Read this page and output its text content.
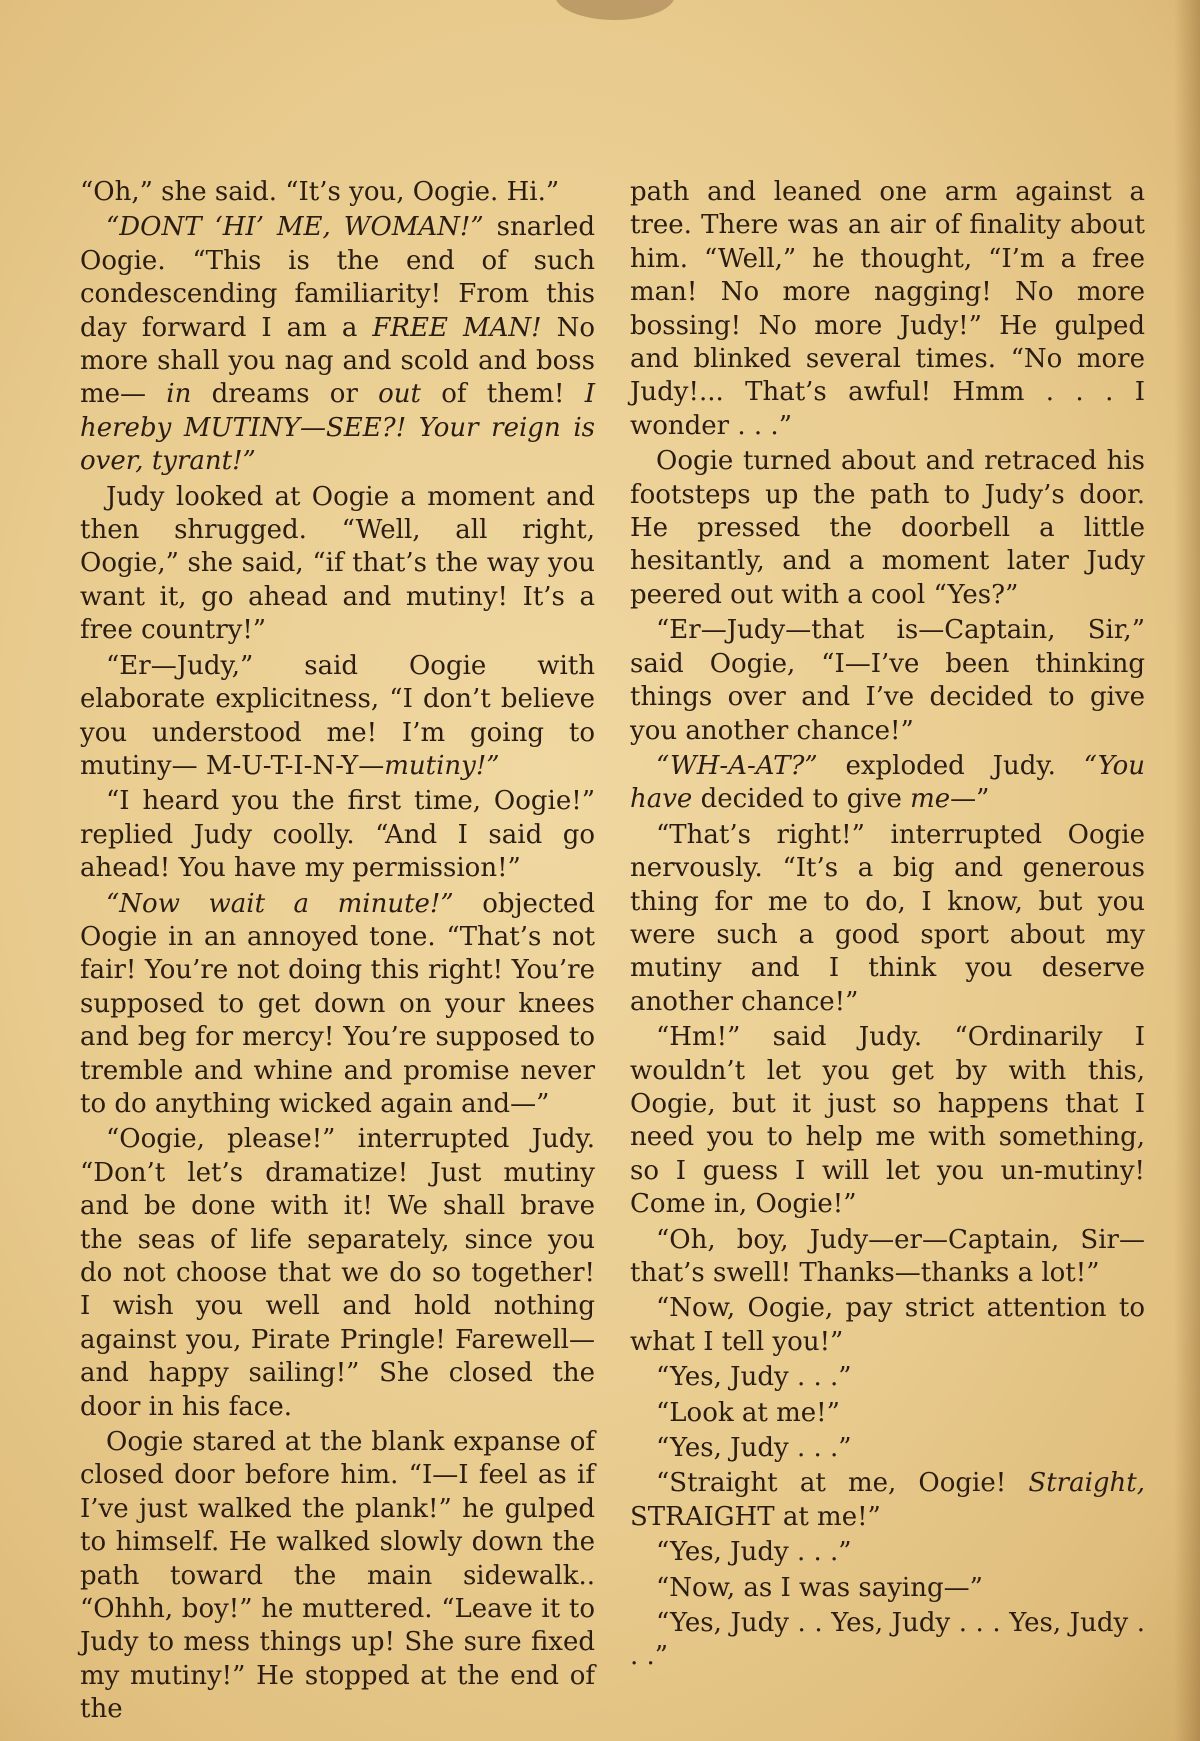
“Oh,” she said. “It’s you, Oogie. Hi.”

“DONT ‘HI’ ME, WOMAN!” snarled Oogie. “This is the end of such condescending familiarity! From this day forward I am a FREE MAN! No more shall you nag and scold and boss me— in dreams or out of them! I hereby MUTINY—SEE?! Your reign is over, tyrant!”

Judy looked at Oogie a moment and then shrugged. “Well, all right, Oogie,” she said, “if that’s the way you want it, go ahead and mutiny! It’s a free country!”

“Er—Judy,” said Oogie with elaborate explicitness, “I don’t believe you understood me! I’m going to mutiny— M-U-T-I-N-Y—mutiny!”

“I heard you the first time, Oogie!” replied Judy coolly. “And I said go ahead! You have my permission!”

“Now wait a minute!” objected Oogie in an annoyed tone. “That’s not fair! You’re not doing this right! You’re supposed to get down on your knees and beg for mercy! You’re supposed to tremble and whine and promise never to do anything wicked again and—”

“Oogie, please!” interrupted Judy. “Don’t let’s dramatize! Just mutiny and be done with it! We shall brave the seas of life separately, since you do not choose that we do so together! I wish you well and hold nothing against you, Pirate Pringle! Farewell—and happy sailing!” She closed the door in his face.

Oogie stared at the blank expanse of closed door before him. “I—I feel as if I’ve just walked the plank!” he gulped to himself. He walked slowly down the path toward the main sidewalk.. “Ohhh, boy!” he muttered. “Leave it to Judy to mess things up! She sure fixed my mutiny!” He stopped at the end of the

path and leaned one arm against a tree. There was an air of finality about him. “Well,” he thought, “I’m a free man! No more nagging! No more bossing! No more Judy!” He gulped and blinked several times. “No more Judy!... That’s awful! Hmm . . . I wonder . . .”

Oogie turned about and retraced his footsteps up the path to Judy’s door. He pressed the doorbell a little hesitantly, and a moment later Judy peered out with a cool “Yes?”

“Er—Judy—that is—Captain, Sir,” said Oogie, “I—I’ve been thinking things over and I’ve decided to give you another chance!”

“WH-A-AT?” exploded Judy. “You have decided to give me—”

“That’s right!” interrupted Oogie nervously. “It’s a big and generous thing for me to do, I know, but you were such a good sport about my mutiny and I think you deserve another chance!”

“Hm!” said Judy. “Ordinarily I wouldn’t let you get by with this, Oogie, but it just so happens that I need you to help me with something, so I guess I will let you un-mutiny! Come in, Oogie!”

“Oh, boy, Judy—er—Captain, Sir— that’s swell! Thanks—thanks a lot!”

“Now, Oogie, pay strict attention to what I tell you!”

“Yes, Judy . . .”

“Look at me!”

“Yes, Judy . . .”

“Straight at me, Oogie! Straight, STRAIGHT at me!”

“Yes, Judy . . .”

“Now, as I was saying—”

“Yes, Judy . . Yes, Judy . . . Yes, Judy . . .”
